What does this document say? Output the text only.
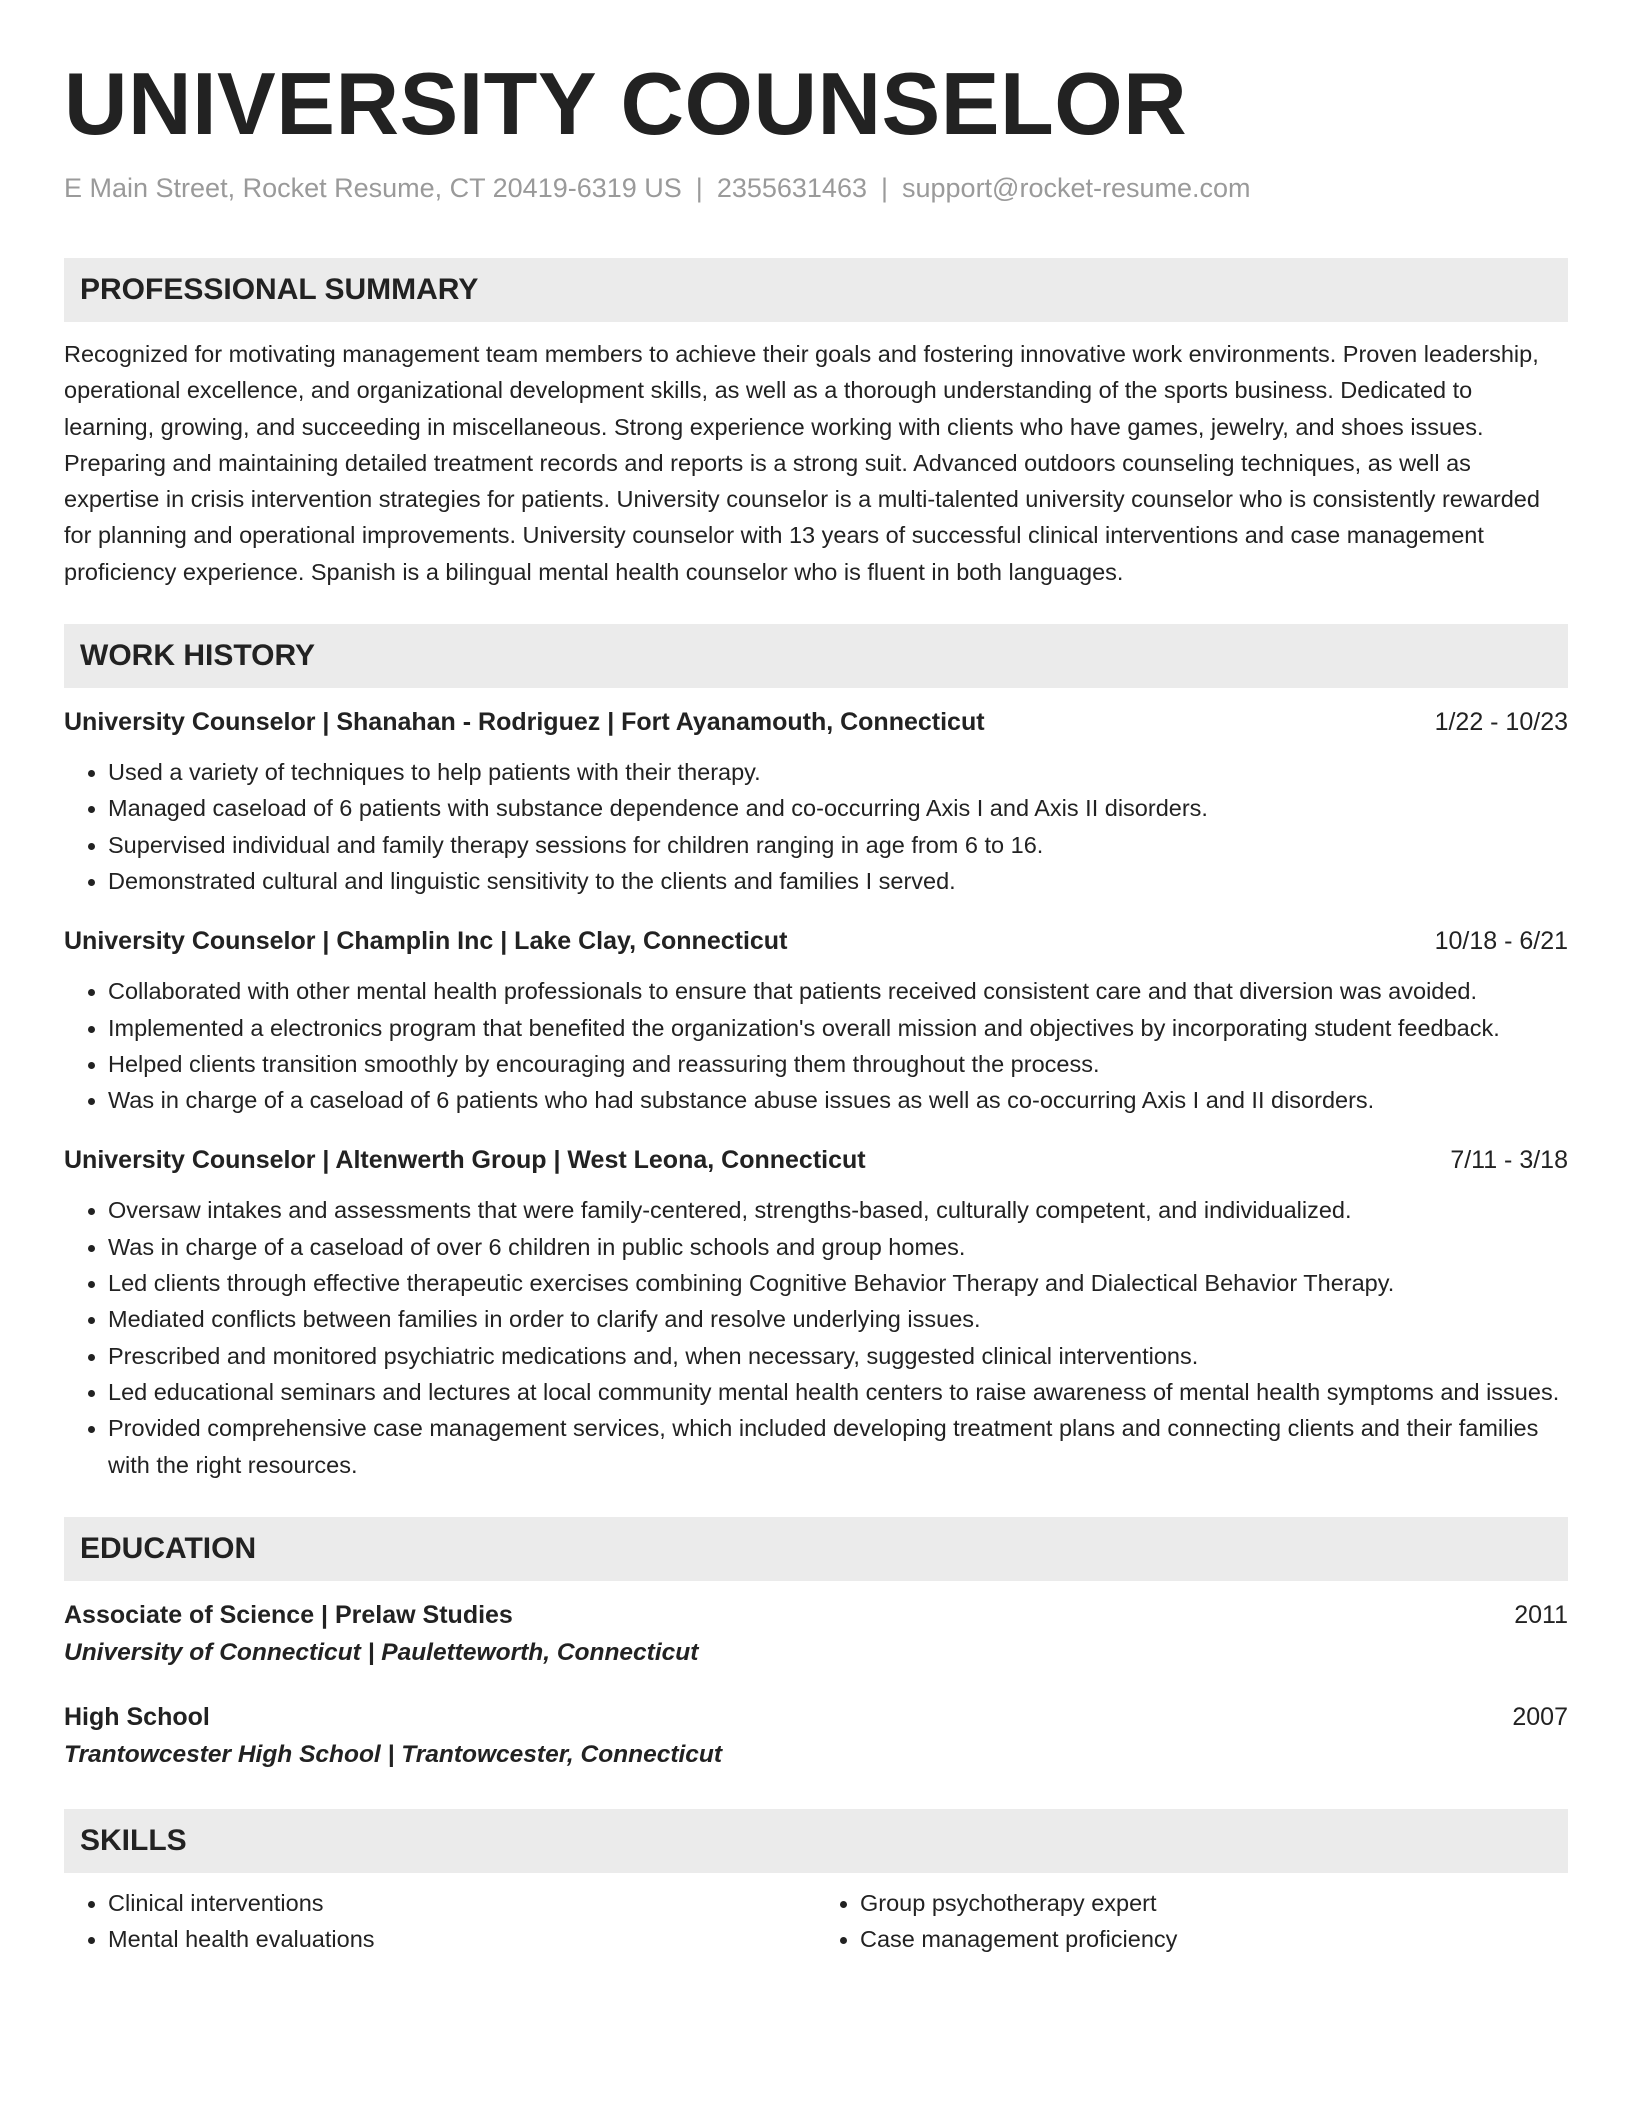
UNIVERSITY COUNSELOR
E Main Street, Rocket Resume, CT 20419-6319 US | 2355631463 | support@rocket-resume.com
PROFESSIONAL SUMMARY
Recognized for motivating management team members to achieve their goals and fostering innovative work environments. Proven leadership, operational excellence, and organizational development skills, as well as a thorough understanding of the sports business. Dedicated to learning, growing, and succeeding in miscellaneous. Strong experience working with clients who have games, jewelry, and shoes issues. Preparing and maintaining detailed treatment records and reports is a strong suit. Advanced outdoors counseling techniques, as well as expertise in crisis intervention strategies for patients. University counselor is a multi-talented university counselor who is consistently rewarded for planning and operational improvements. University counselor with 13 years of successful clinical interventions and case management proficiency experience. Spanish is a bilingual mental health counselor who is fluent in both languages.
WORK HISTORY
University Counselor | Shanahan - Rodriguez | Fort Ayanamouth, Connecticut	1/22 - 10/23
• Used a variety of techniques to help patients with their therapy.
• Managed caseload of 6 patients with substance dependence and co-occurring Axis I and Axis II disorders.
• Supervised individual and family therapy sessions for children ranging in age from 6 to 16.
• Demonstrated cultural and linguistic sensitivity to the clients and families I served.
University Counselor | Champlin Inc | Lake Clay, Connecticut	10/18 - 6/21
• Collaborated with other mental health professionals to ensure that patients received consistent care and that diversion was avoided.
• Implemented a electronics program that benefited the organization's overall mission and objectives by incorporating student feedback.
• Helped clients transition smoothly by encouraging and reassuring them throughout the process.
• Was in charge of a caseload of 6 patients who had substance abuse issues as well as co-occurring Axis I and II disorders.
University Counselor | Altenwerth Group | West Leona, Connecticut	7/11 - 3/18
• Oversaw intakes and assessments that were family-centered, strengths-based, culturally competent, and individualized.
• Was in charge of a caseload of over 6 children in public schools and group homes.
• Led clients through effective therapeutic exercises combining Cognitive Behavior Therapy and Dialectical Behavior Therapy.
• Mediated conflicts between families in order to clarify and resolve underlying issues.
• Prescribed and monitored psychiatric medications and, when necessary, suggested clinical interventions.
• Led educational seminars and lectures at local community mental health centers to raise awareness of mental health symptoms and issues.
• Provided comprehensive case management services, which included developing treatment plans and connecting clients and their families with the right resources.
EDUCATION
Associate of Science | Prelaw Studies	2011
University of Connecticut | Pauletteworth, Connecticut
High School	2007
Trantowcester High School | Trantowcester, Connecticut
SKILLS
• Clinical interventions
• Mental health evaluations
• Group psychotherapy expert
• Case management proficiency
